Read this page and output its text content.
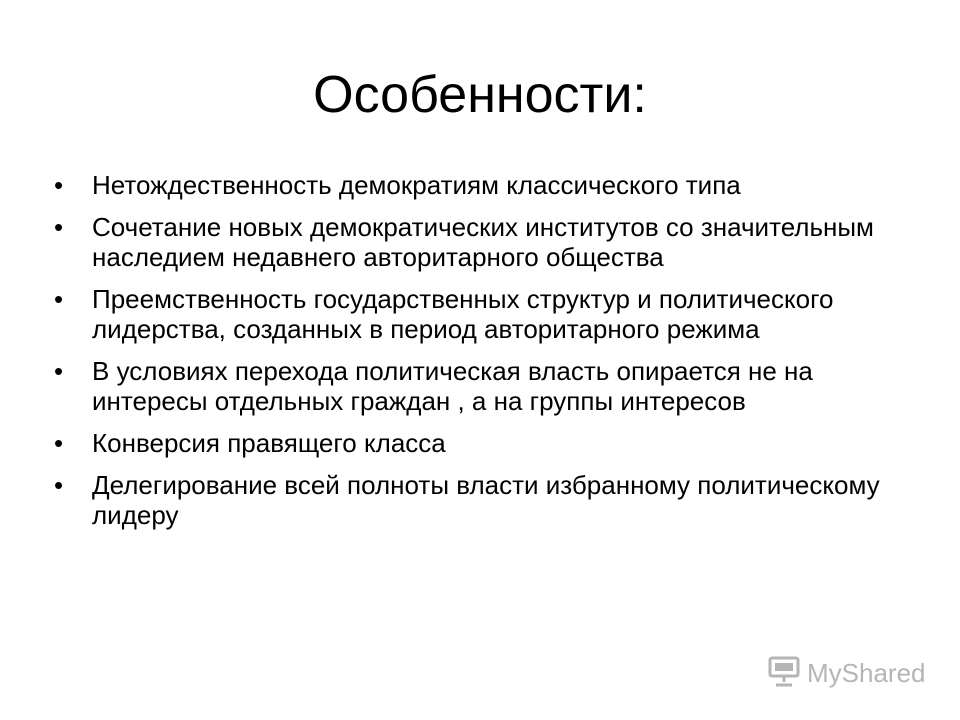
Особенности:
• Нетождественность демократиям классического типа
• Сочетание новых демократических институтов со значительным наследием недавнего авторитарного общества
• Преемственность государственных структур и политического лидерства, созданных в период авторитарного режима
• В условиях перехода политическая власть опирается не на интересы отдельных граждан , а на группы интересов
• Конверсия правящего класса
• Делегирование всей полноты власти избранному политическому лидеру
MyShared
